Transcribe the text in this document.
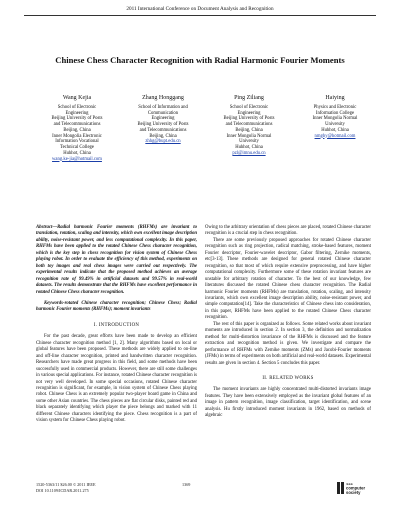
2011 International Conference on Document Analysis and Recognition
Chinese Chess Character Recognition with Radial Harmonic Fourier Moments
Wang Kejia
School of Electronic
Engineering
Beijing University of Posts
and Telecommunications
Beijing, China
Inner Mongolia Electronic
Information Vocational
Technical College
Huhhot, China
wang.ke-jia@hotmail.com
Zhang Honggang
School of Information and
Communication
Engineering
Beijing University of Posts
and Telecommunications
Beijing, China
zhhg@bupt.edu.cn
Ping Ziliang
School of Electronic
Engineering
Beijing University of Posts
and Telecommunications
Beijing, China
Inner Mongolia Normal
University
Huhhot, China
pzl@imnu.edu.cn
Haiying
Physics and Electronic
Information College
Inner Mongolia Normal
University
Huhhot, China
nmghy@hotmail.com
Abstract—Radial harmonic Fourier moments (RHFMs) are invariant to translation, rotation, scaling and intensity, which own excellent image description ability, noise-resistant power, and less computational complexity. In this paper, RHFMs have been applied to the rotated Chinese Chess character recognition, which is the key step in chess recognition for vision system of Chinese Chess playing robot. In order to evaluate the efficiency of this method, experiments on both toy images and real chess images were carried out respectively. The experimental results indicate that the proposed method achieves an average recognition rate of 99.49% in artificial datasets and 99.57% in real-world datasets. The results demonstrate that the RHFMs have excellent performance in rotated Chinese Chess character recognition.
Keywords-rotated Chinese character recognition; Chinese Chess; Radial harmonic Fourier moments (RHFMs); moment invariants
I. INTRODUCTION
For the past decade, great efforts have been made to develop an efficient Chinese character recognition method [1, 2]. Many algorithms based on local or global features have been proposed. These methods are widely applied to on-line and off-line character recognition, printed and handwritten character recognition. Researchers have made great progress in this field, and some methods have been successfully used in commercial products. However, there are still some challenges in various special applications. For instance, rotated Chinese character recognition is not very well developed. In some special occasions, rotated Chinese character recognition is significant, for example, in vision system of Chinese Chess playing robot. Chinese Chess is an extremely popular two-player board game in China and some other Asian countries. The chess pieces are flat circular disks, painted red and black separately identifying which player the piece belongs and marked with 11 different Chinese characters identifying the piece. Chess recognition is a part of vision system for Chinese Chess playing robot.
Owing to the arbitrary orientation of chess pieces are placed, rotated Chinese character recognition is a crucial step in chess recognition.
There are some previously proposed approaches for rotated Chinese character recognition such as ring projection, radical matching, stroke-based features, moment Fourier descriptor, Fourier-wavelet descriptor, Gabor filtering, Zernike moments, etc[3-13]. These methods are designed for general rotated Chinese character recognition, so that most of which require extensive preprocessing, and have higher computational complexity. Furthermore some of these rotation invariant features are unstable for arbitrary rotation of character. To the best of our knowledge, few literatures discussed the rotated Chinese chess character recognition. The Radial harmonic Fourier moments (RHFMs) are translation, rotation, scaling, and intensity invariants, which own excellent image description ability, noise-resistant power, and simple computation[14]. Take the characteristics of Chinese chess into consideration, in this paper, RHFMs have been applied to the rotated Chinese Chess character recognition.
The rest of this paper is organized as follows. Some related works about invariant moments are introduced in section 2. In section 3, the definition and normalization method for multi-distortion invariance of the RHFMs is discussed and the feature extraction and recognition method is given. We investigate and compare the performance of RHFMs with Zernike moments (ZMs) and Jacobi-Fourier moments (JFMs) in terms of experiments on both artificial and real-world datasets. Experimental results are given in section 4. Section 5 concludes this paper.
II. RELATED WORKS
The moment invariants are highly concentrated multi-distorted invariants image features. They have been extensively employed as the invariant global features of an image in pattern recognition, image classification, target identification, and scene analysis. Hu firstly introduced moment invariants in 1962, based on methods of algebraic
1520-5363/11 $26.00 © 2011 IEEE
DOI 10.1109/ICDAR.2011.275
1369	IEEE
computer
society
